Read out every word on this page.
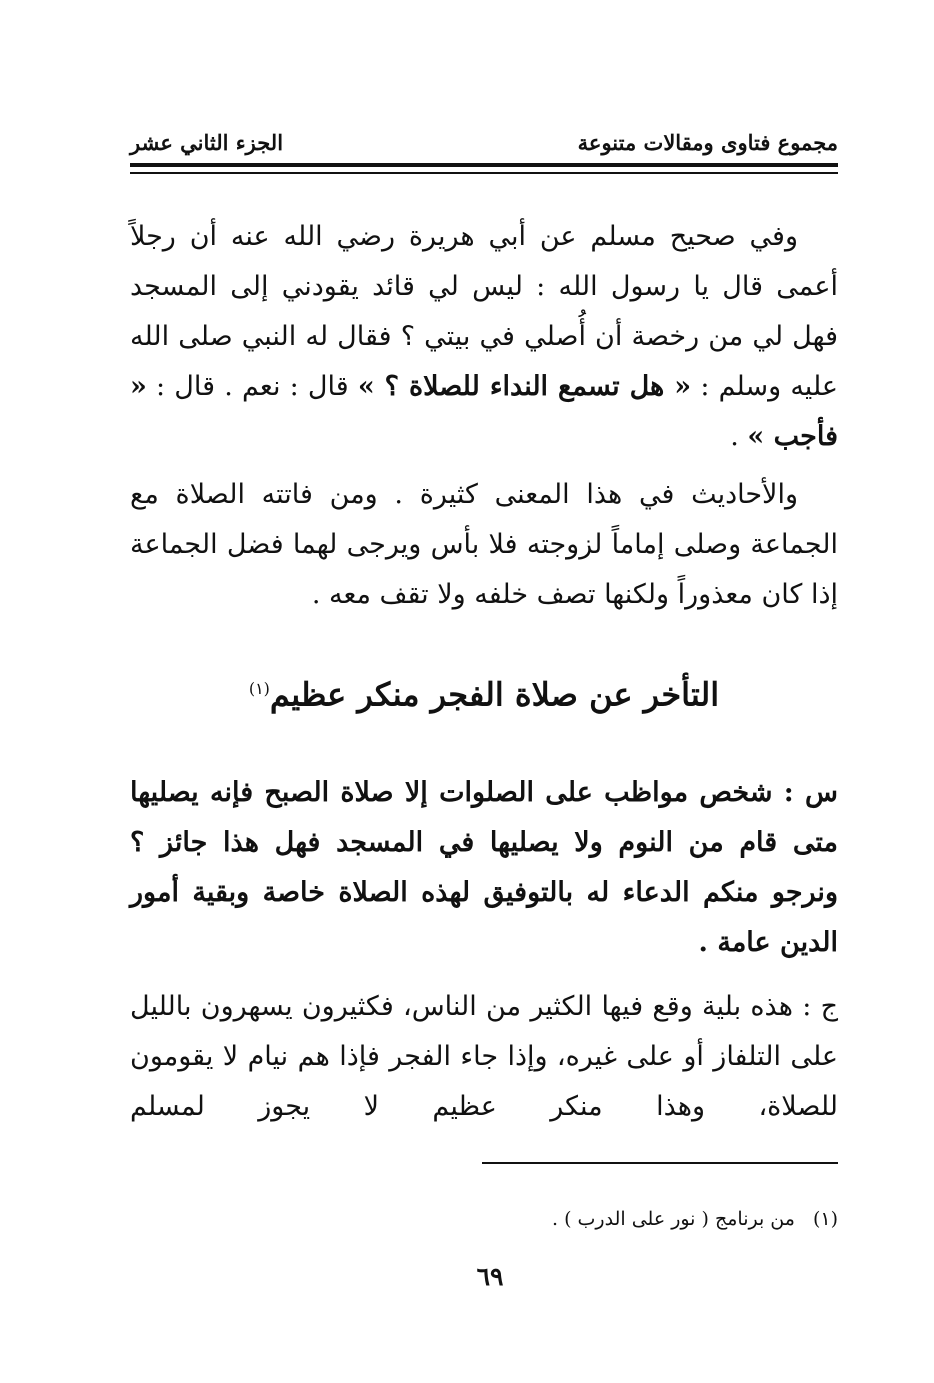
مجموع فتاوى ومقالات متنوعة
الجزء الثاني عشر

وفي صحيح مسلم عن أبي هريرة رضي الله عنه أن رجلاً أعمى قال يا رسول الله : ليس لي قائد يقودني إلى المسجد فهل لي من رخصة أن أُصلي في بيتي ؟ فقال له النبي صلى الله عليه وسلم : « هل تسمع النداء للصلاة ؟ » قال : نعم . قال : « فأجب » .

والأحاديث في هذا المعنى كثيرة . ومن فاتته الصلاة مع الجماعة وصلى إماماً لزوجته فلا بأس ويرجى لهما فضل الجماعة إذا كان معذوراً ولكنها تصف خلفه ولا تقف معه .

التأخر عن صلاة الفجر منكر عظيم$^{(١)}$

س : شخص مواظب على الصلوات إلا صلاة الصبح فإنه يصليها متى قام من النوم ولا يصليها في المسجد فهل هذا جائز ؟ ونرجو منكم الدعاء له بالتوفيق لهذه الصلاة خاصة وبقية أمور الدين عامة .

ج : هذه بلية وقع فيها الكثير من الناس، فكثيرون يسهرون بالليل على التلفاز أو على غيره، وإذا جاء الفجر فإذا هم نيام لا يقومون للصلاة، وهذا منكر عظيم لا يجوز لمسلم

(١)من برنامج ( نور على الدرب ) .
٦٩
